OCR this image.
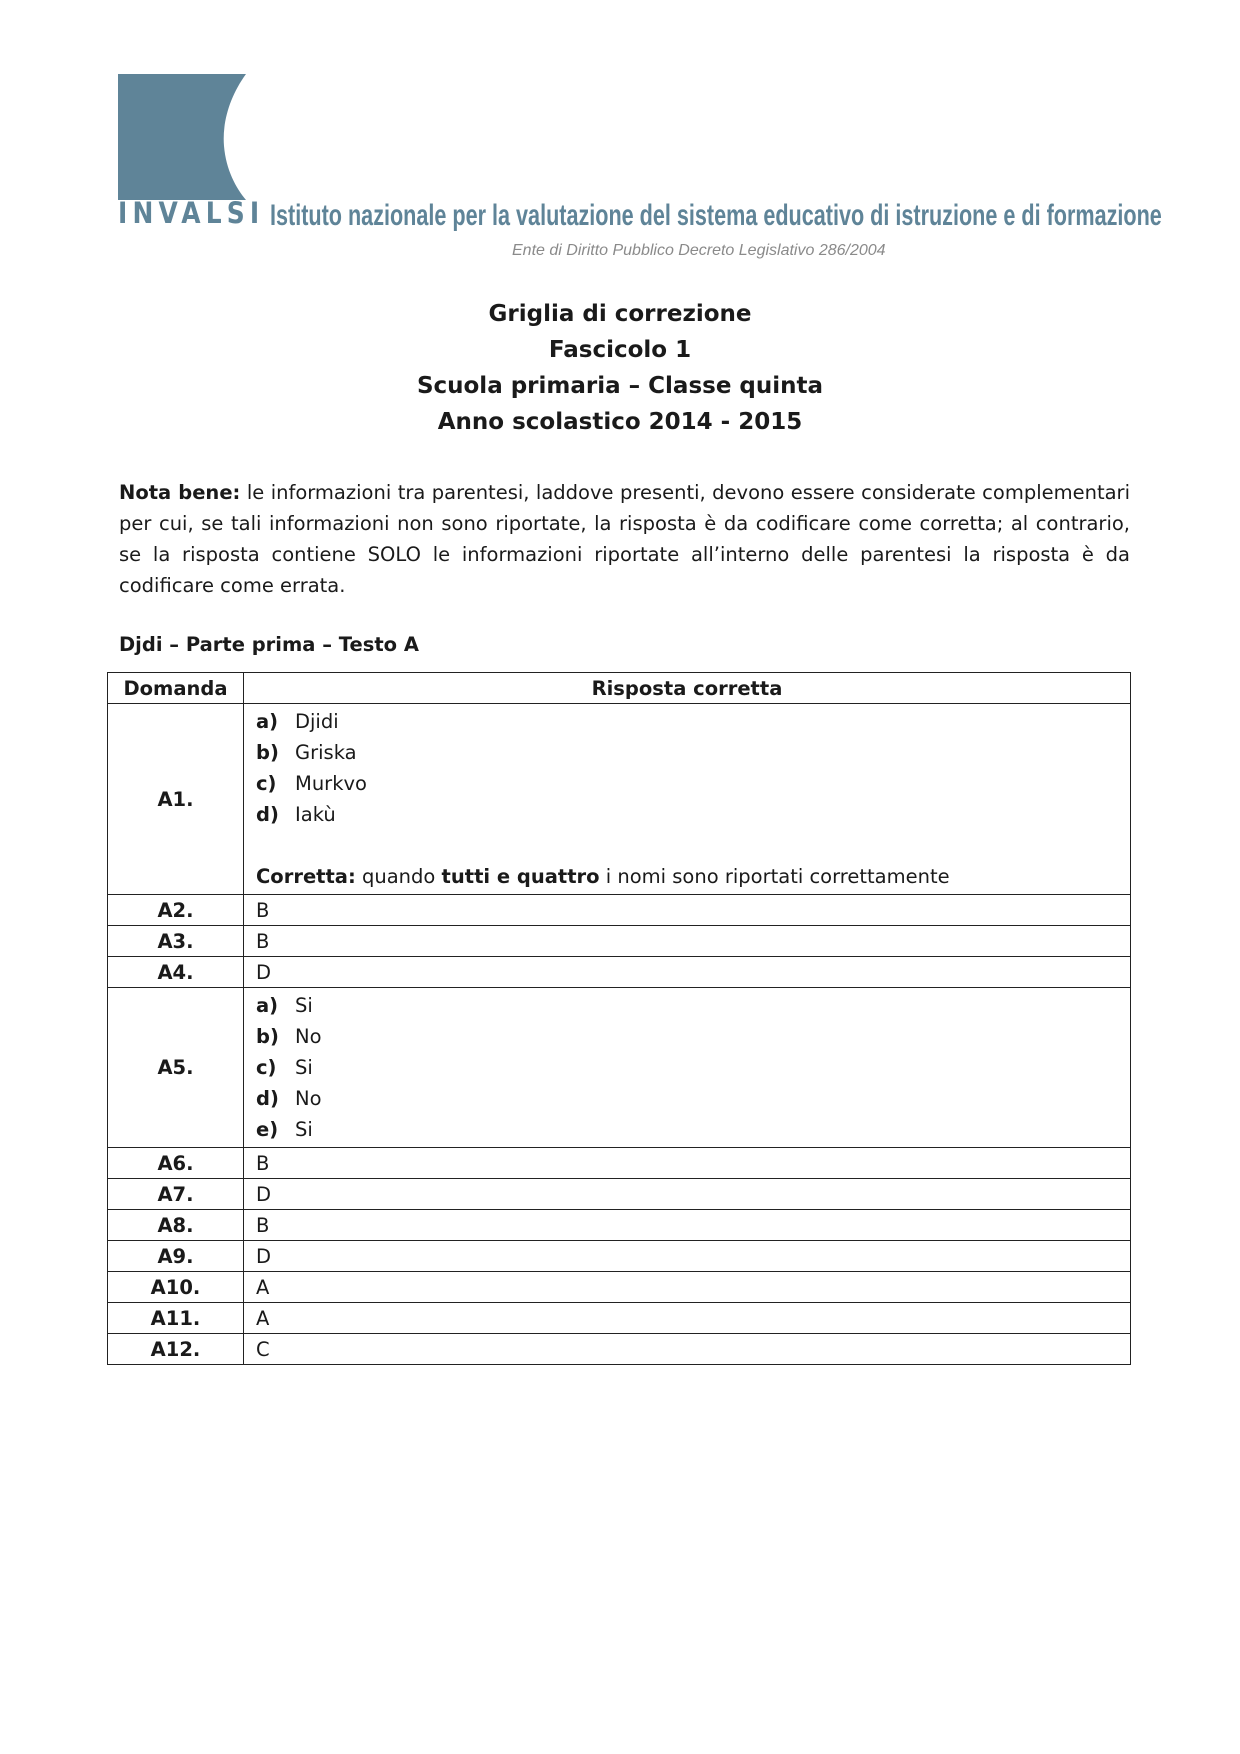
INVALSI Istituto nazionale per la valutazione del sistema educativo di istruzione e di formazione
Ente di Diritto Pubblico Decreto Legislativo 286/2004
Griglia di correzione
Fascicolo 1
Scuola primaria – Classe quinta
Anno scolastico 2014 - 2015
Nota bene: le informazioni tra parentesi, laddove presenti, devono essere considerate complementari per cui, se tali informazioni non sono riportate, la risposta è da codificare come corretta; al contrario, se la risposta contiene SOLO le informazioni riportate all’interno delle parentesi la risposta è da codificare come errata.
Djdi – Parte prima – Testo A
Domanda	Risposta corretta
A1.	a) Djidi
b) Griska
c) Murkvo
d) Iakù
Corretta: quando tutti e quattro i nomi sono riportati correttamente

A2.	B
A3.	B
A4.	D
A5.	a) Si
b) No
c) Si
d) No
e) Si

A6.	B
A7.	D
A8.	B
A9.	D
A10.	A
A11.	A
A12.	C
